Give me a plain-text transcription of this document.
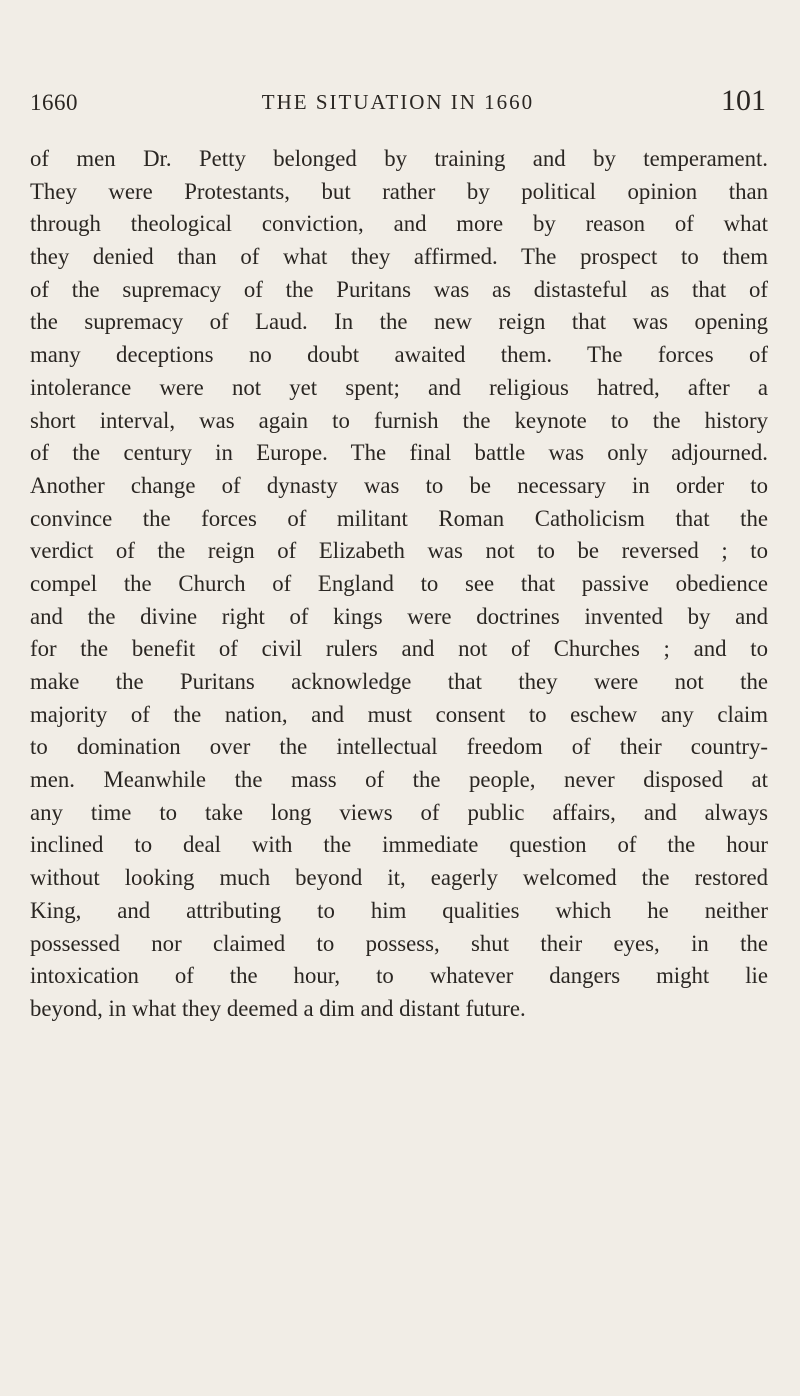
1660	THE SITUATION IN 1660	101
of men Dr. Petty belonged by training and by temperament.
They were Protestants, but rather by political opinion than
through theological conviction, and more by reason of what
they denied than of what they affirmed. The prospect to them
of the supremacy of the Puritans was as distasteful as that of
the supremacy of Laud. In the new reign that was opening
many deceptions no doubt awaited them. The forces of
intolerance were not yet spent; and religious hatred, after a
short interval, was again to furnish the keynote to the history
of the century in Europe. The final battle was only adjourned.
Another change of dynasty was to be necessary in order to
convince the forces of militant Roman Catholicism that the
verdict of the reign of Elizabeth was not to be reversed ; to
compel the Church of England to see that passive obedience
and the divine right of kings were doctrines invented by and
for the benefit of civil rulers and not of Churches ; and to
make the Puritans acknowledge that they were not the
majority of the nation, and must consent to eschew any claim
to domination over the intellectual freedom of their country-
men. Meanwhile the mass of the people, never disposed at
any time to take long views of public affairs, and always
inclined to deal with the immediate question of the hour
without looking much beyond it, eagerly welcomed the restored
King, and attributing to him qualities which he neither
possessed nor claimed to possess, shut their eyes, in the
intoxication of the hour, to whatever dangers might lie
beyond, in what they deemed a dim and distant future.
